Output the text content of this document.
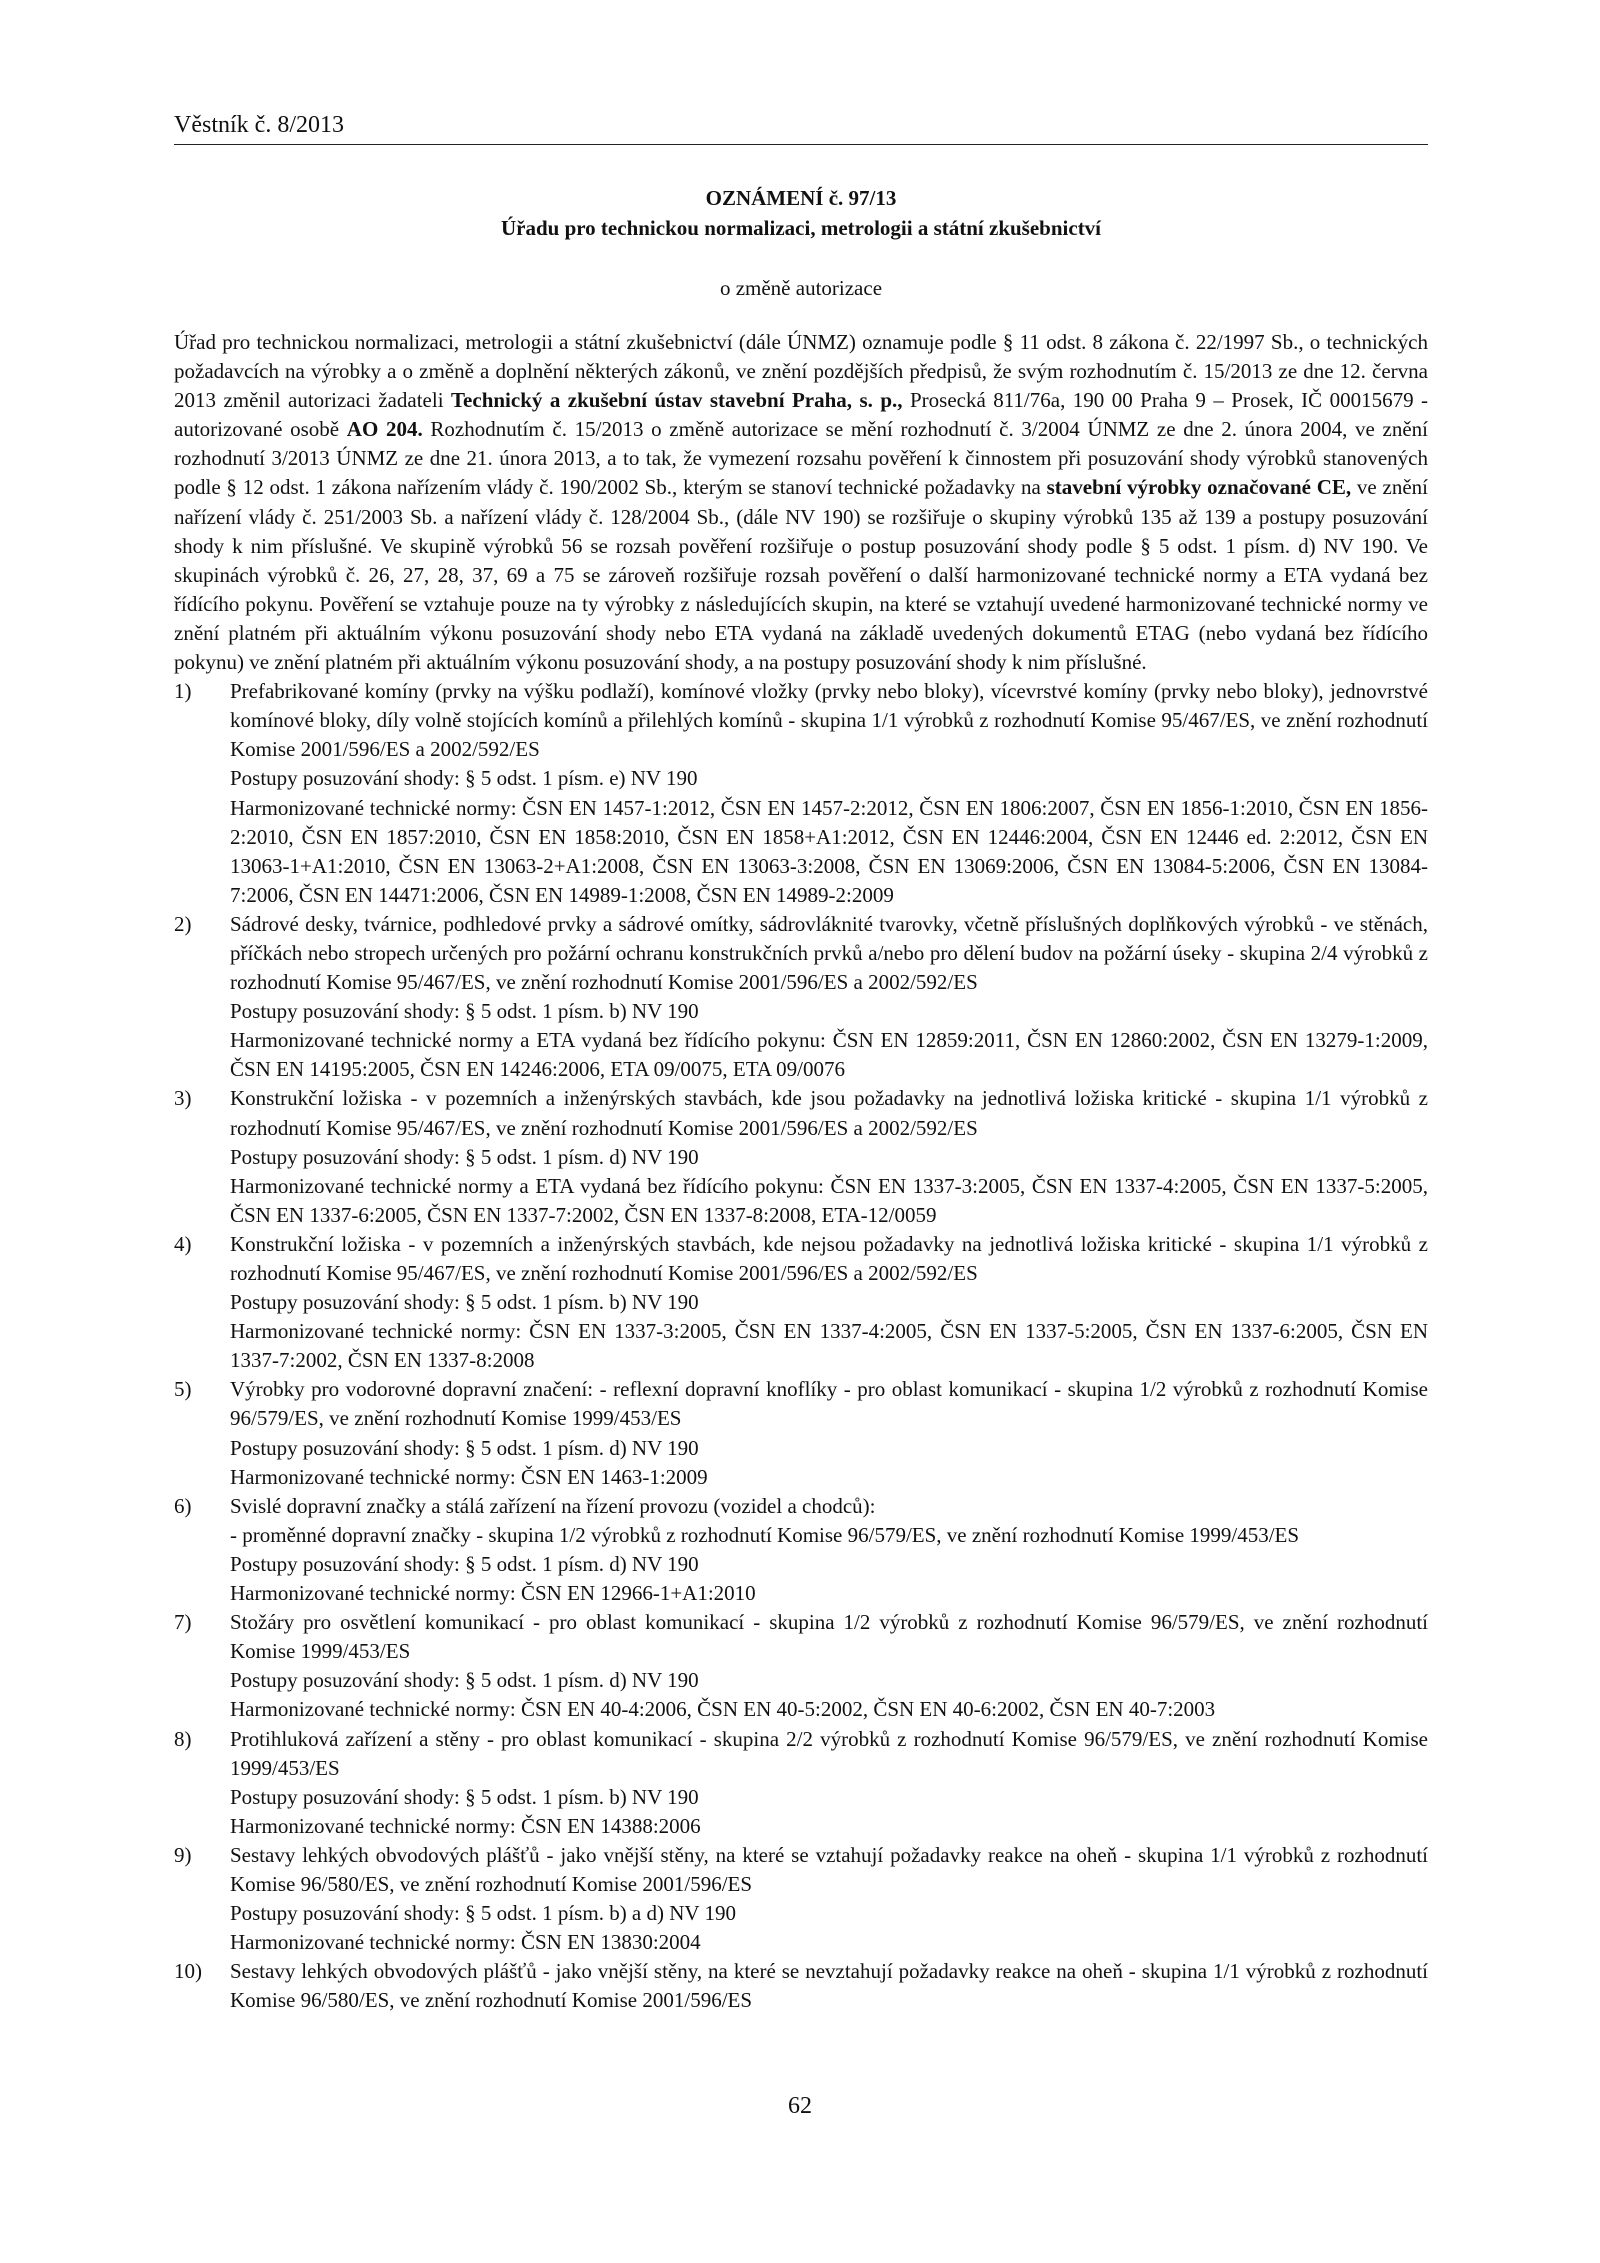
Věstník č. 8/2013
OZNÁMENÍ č. 97/13
Úřadu pro technickou normalizaci, metrologii a státní zkušebnictví
o změně autorizace

Úřad pro technickou normalizaci, metrologii a státní zkušebnictví (dále ÚNMZ) oznamuje podle § 11 odst. 8 zákona č. 22/1997 Sb., o technických požadavcích na výrobky a o změně a doplnění některých zákonů, ve znění pozdějších předpisů, že svým rozhodnutím č. 15/2013 ze dne 12. června 2013 změnil autorizaci žadateli Technický a zkušební ústav stavební Praha, s. p., Prosecká 811/76a, 190 00 Praha 9 – Prosek, IČ 00015679 - autorizované osobě AO 204. Rozhodnutím č. 15/2013 o změně autorizace se mění rozhodnutí č. 3/2004 ÚNMZ ze dne 2. února 2004, ve znění rozhodnutí 3/2013 ÚNMZ ze dne 21. února 2013, a to tak, že vymezení rozsahu pověření k činnostem při posuzování shody výrobků stanovených podle § 12 odst. 1 zákona nařízením vlády č. 190/2002 Sb., kterým se stanoví technické požadavky na stavební výrobky označované CE, ve znění nařízení vlády č. 251/2003 Sb. a nařízení vlády č. 128/2004 Sb., (dále NV 190) se rozšiřuje o skupiny výrobků 135 až 139 a postupy posuzování shody k nim příslušné. Ve skupině výrobků 56 se rozsah pověření rozšiřuje o postup posuzování shody podle § 5 odst. 1 písm. d) NV 190. Ve skupinách výrobků č. 26, 27, 28, 37, 69 a 75 se zároveň rozšiřuje rozsah pověření o další harmonizované technické normy a ETA vydaná bez řídícího pokynu. Pověření se vztahuje pouze na ty výrobky z následujících skupin, na které se vztahují uvedené harmonizované technické normy ve znění platném při aktuálním výkonu posuzování shody nebo ETA vydaná na základě uvedených dokumentů ETAG (nebo vydaná bez řídícího pokynu) ve znění platném při aktuálním výkonu posuzování shody, a na postupy posuzování shody k nim příslušné.

1) Prefabrikované komíny (prvky na výšku podlaží), komínové vložky (prvky nebo bloky), vícevrstvé komíny (prvky nebo bloky), jednovrstvé komínové bloky, díly volně stojících komínů a přilehlých komínů - skupina 1/1 výrobků z rozhodnutí Komise 95/467/ES, ve znění rozhodnutí Komise 2001/596/ES a 2002/592/ES
Postupy posuzování shody: § 5 odst. 1 písm. e) NV 190
Harmonizované technické normy: ČSN EN 1457-1:2012, ČSN EN 1457-2:2012, ČSN EN 1806:2007, ČSN EN 1856-1:2010, ČSN EN 1856-2:2010, ČSN EN 1857:2010, ČSN EN 1858:2010, ČSN EN 1858+A1:2012, ČSN EN 12446:2004, ČSN EN 12446 ed. 2:2012, ČSN EN 13063-1+A1:2010, ČSN EN 13063-2+A1:2008, ČSN EN 13063-3:2008, ČSN EN 13069:2006, ČSN EN 13084-5:2006, ČSN EN 13084-7:2006, ČSN EN 14471:2006, ČSN EN 14989-1:2008, ČSN EN 14989-2:2009
2) Sádrové desky, tvárnice, podhledové prvky a sádrové omítky, sádrovláknité tvarovky, včetně příslušných doplňkových výrobků - ve stěnách, příčkách nebo stropech určených pro požární ochranu konstrukčních prvků a/nebo pro dělení budov na požární úseky - skupina 2/4 výrobků z rozhodnutí Komise 95/467/ES, ve znění rozhodnutí Komise 2001/596/ES a 2002/592/ES
Postupy posuzování shody: § 5 odst. 1 písm. b) NV 190
Harmonizované technické normy a ETA vydaná bez řídícího pokynu: ČSN EN 12859:2011, ČSN EN 12860:2002, ČSN EN 13279-1:2009, ČSN EN 14195:2005, ČSN EN 14246:2006, ETA 09/0075, ETA 09/0076
3) Konstrukční ložiska - v pozemních a inženýrských stavbách, kde jsou požadavky na jednotlivá ložiska kritické - skupina 1/1 výrobků z rozhodnutí Komise 95/467/ES, ve znění rozhodnutí Komise 2001/596/ES a 2002/592/ES
Postupy posuzování shody: § 5 odst. 1 písm. d) NV 190
Harmonizované technické normy a ETA vydaná bez řídícího pokynu: ČSN EN 1337-3:2005, ČSN EN 1337-4:2005, ČSN EN 1337-5:2005, ČSN EN 1337-6:2005, ČSN EN 1337-7:2002, ČSN EN 1337-8:2008, ETA-12/0059
4) Konstrukční ložiska - v pozemních a inženýrských stavbách, kde nejsou požadavky na jednotlivá ložiska kritické - skupina 1/1 výrobků z rozhodnutí Komise 95/467/ES, ve znění rozhodnutí Komise 2001/596/ES a 2002/592/ES
Postupy posuzování shody: § 5 odst. 1 písm. b) NV 190
Harmonizované technické normy: ČSN EN 1337-3:2005, ČSN EN 1337-4:2005, ČSN EN 1337-5:2005, ČSN EN 1337-6:2005, ČSN EN 1337-7:2002, ČSN EN 1337-8:2008
5) Výrobky pro vodorovné dopravní značení: - reflexní dopravní knoflíky - pro oblast komunikací - skupina 1/2 výrobků z rozhodnutí Komise 96/579/ES, ve znění rozhodnutí Komise 1999/453/ES
Postupy posuzování shody: § 5 odst. 1 písm. d) NV 190
Harmonizované technické normy: ČSN EN 1463-1:2009
6) Svislé dopravní značky a stálá zařízení na řízení provozu (vozidel a chodců):
- proměnné dopravní značky - skupina 1/2 výrobků z rozhodnutí Komise 96/579/ES, ve znění rozhodnutí Komise 1999/453/ES
Postupy posuzování shody: § 5 odst. 1 písm. d) NV 190
Harmonizované technické normy: ČSN EN 12966-1+A1:2010
7) Stožáry pro osvětlení komunikací - pro oblast komunikací - skupina 1/2 výrobků z rozhodnutí Komise 96/579/ES, ve znění rozhodnutí Komise 1999/453/ES
Postupy posuzování shody: § 5 odst. 1 písm. d) NV 190
Harmonizované technické normy: ČSN EN 40-4:2006, ČSN EN 40-5:2002, ČSN EN 40-6:2002, ČSN EN 40-7:2003
8) Protihluková zařízení a stěny - pro oblast komunikací - skupina 2/2 výrobků z rozhodnutí Komise 96/579/ES, ve znění rozhodnutí Komise 1999/453/ES
Postupy posuzování shody: § 5 odst. 1 písm. b) NV 190
Harmonizované technické normy: ČSN EN 14388:2006
9) Sestavy lehkých obvodových plášťů - jako vnější stěny, na které se vztahují požadavky reakce na oheň - skupina 1/1 výrobků z rozhodnutí Komise 96/580/ES, ve znění rozhodnutí Komise 2001/596/ES
Postupy posuzování shody: § 5 odst. 1 písm. b) a d) NV 190
Harmonizované technické normy: ČSN EN 13830:2004
10) Sestavy lehkých obvodových plášťů - jako vnější stěny, na které se nevztahují požadavky reakce na oheň - skupina 1/1 výrobků z rozhodnutí Komise 96/580/ES, ve znění rozhodnutí Komise 2001/596/ES
62
